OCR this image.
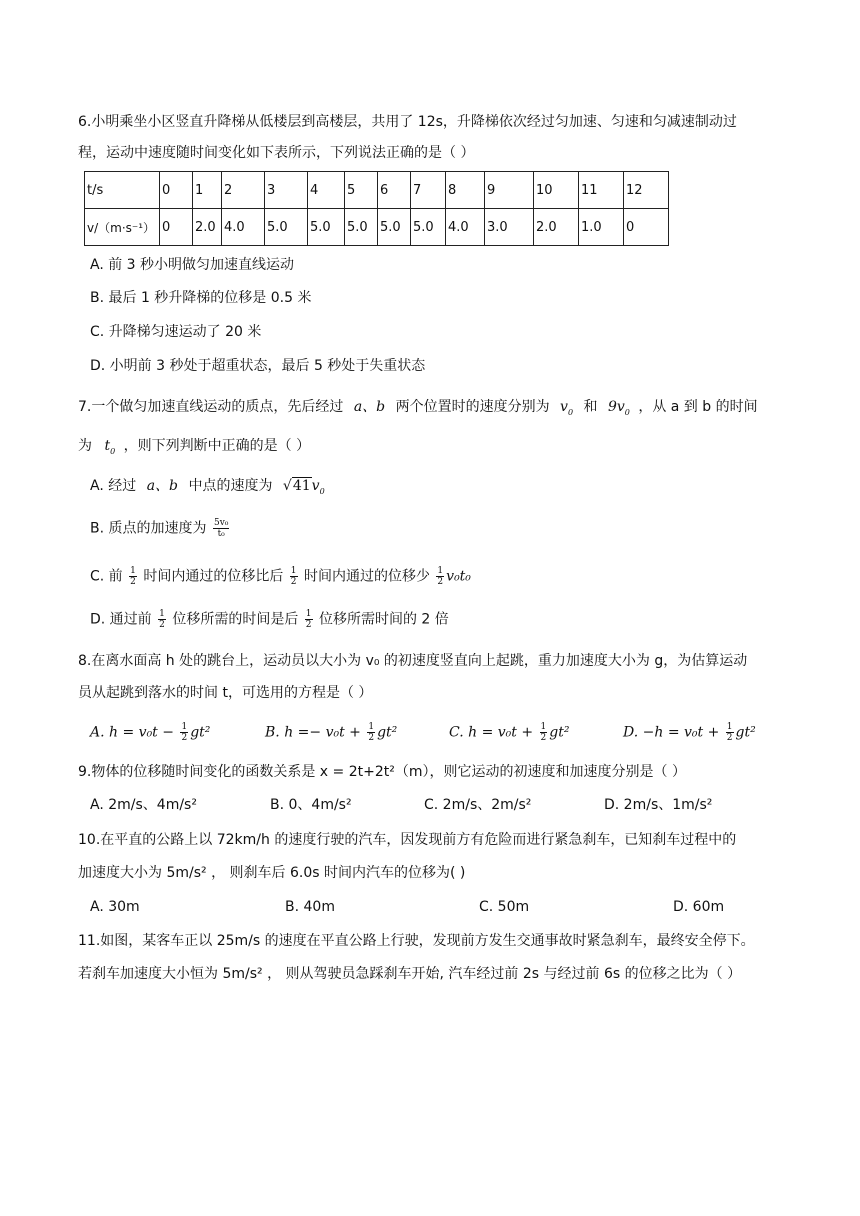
6.小明乘坐小区竖直升降梯从低楼层到高楼层，共用了 12s，升降梯依次经过匀加速、匀速和匀减速制动过
程，运动中速度随时间变化如下表所示，下列说法正确的是（ ）
t/s	0	1	2	3	4	5	6	7	8	9	10	11	12
v/（m·s⁻¹）	0	2.0	4.0	5.0	5.0	5.0	5.0	5.0	4.0	3.0	2.0	1.0	0
A. 前 3 秒小明做匀加速直线运动
B. 最后 1 秒升降梯的位移是 0.5 米
C. 升降梯匀速运动了 20 米
D. 小明前 3 秒处于超重状态，最后 5 秒处于失重状态
7.一个做匀加速直线运动的质点，先后经过 a、b 两个位置时的速度分别为 $v_0$ 和 $9v_0$ ，从 a 到 b 的时间
为 $t_0$ ，则下列判断中正确的是（ ）
A. 经过 a、b 中点的速度为 $√41v_0$
B. 质点的加速度为 $\frac{\text{5v₀}}{\text{t₀}}$
C. 前 $\frac{1}{2}$ 时间内通过的位移比后 $\frac{1}{2}$ 时间内通过的位移少 $\frac{1}{2} v_0t_0$
D. 通过前 $\frac{1}{2}$ 位移所需的时间是后 $\frac{1}{2}$ 位移所需时间的 2 倍
8.在离水面高 h 处的跳台上，运动员以大小为 v₀ 的初速度竖直向上起跳，重力加速度大小为 g，为估算运动
员从起跳到落水的时间 t，可选用的方程是（ ）
A. ℎ = $v_0t - \frac{1}{2} gt^2$	B. ℎ =− $v_0t + \frac{1}{2} gt^2$	C. ℎ = $v_0t + \frac{1}{2} gt^2$	D. −ℎ = $v_0t + \frac{1}{2} gt^2$
9.物体的位移随时间变化的函数关系是 x = 2t+2t²（m），则它运动的初速度和加速度分别是（ ）
A. 2m/s、4m/s²	B. 0、4m/s²	C. 2m/s、2m/s²	D. 2m/s、1m/s²
10.在平直的公路上以 72km/h 的速度行驶的汽车，因发现前方有危险而进行紧急刹车，已知刹车过程中的
加速度大小为 5m/s² ， 则刹车后 6.0s 时间内汽车的位移为( )
A. 30m	B. 40m	C. 50m	D. 60m
11.如图，某客车正以 25m/s 的速度在平直公路上行驶，发现前方发生交通事故时紧急刹车，最终安全停下。
若刹车加速度大小恒为 5m/s² ， 则从驾驶员急踩刹车开始, 汽车经过前 2s 与经过前 6s 的位移之比为（ ）
